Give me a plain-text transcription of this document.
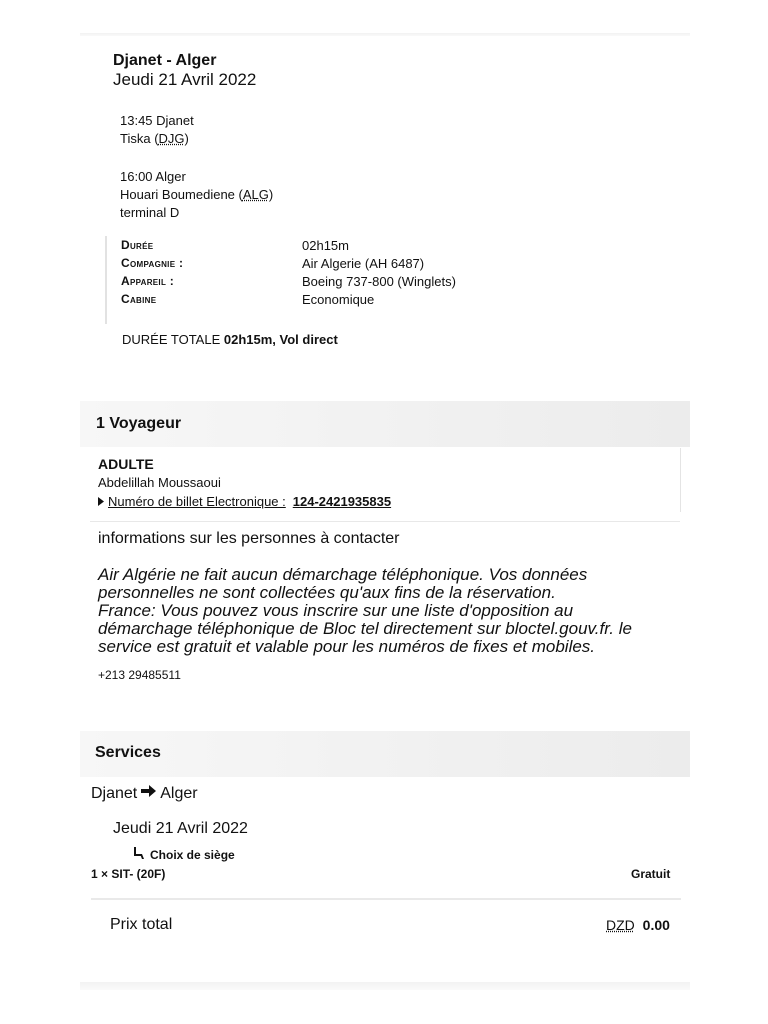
Djanet - Alger
Jeudi 21 Avril 2022
13:45 Djanet
Tiska (DJG)
16:00 Alger
Houari Boumediene (ALG)
terminal D
Durée	02h15m
Compagnie :	Air Algerie (AH 6487)
Appareil :	Boeing 737-800 (Winglets)
Cabine	Economique
DURÉE TOTALE 02h15m, Vol direct
1 Voyageur
ADULTE
Abdelillah Moussaoui
Numéro de billet Electronique : 124-2421935835
informations sur les personnes à contacter
Air Algérie ne fait aucun démarchage téléphonique. Vos données personnelles ne sont collectées qu'aux fins de la réservation.
France: Vous pouvez vous inscrire sur une liste d'opposition au démarchage téléphonique de Bloc tel directement sur bloctel.gouv.fr. le service est gratuit et valable pour les numéros de fixes et mobiles.
+213 29485511
Services
Djanet Alger
Jeudi 21 Avril 2022
Choix de siège
1 × SIT- (20F)	Gratuit
Prix total	DZD 0.00
